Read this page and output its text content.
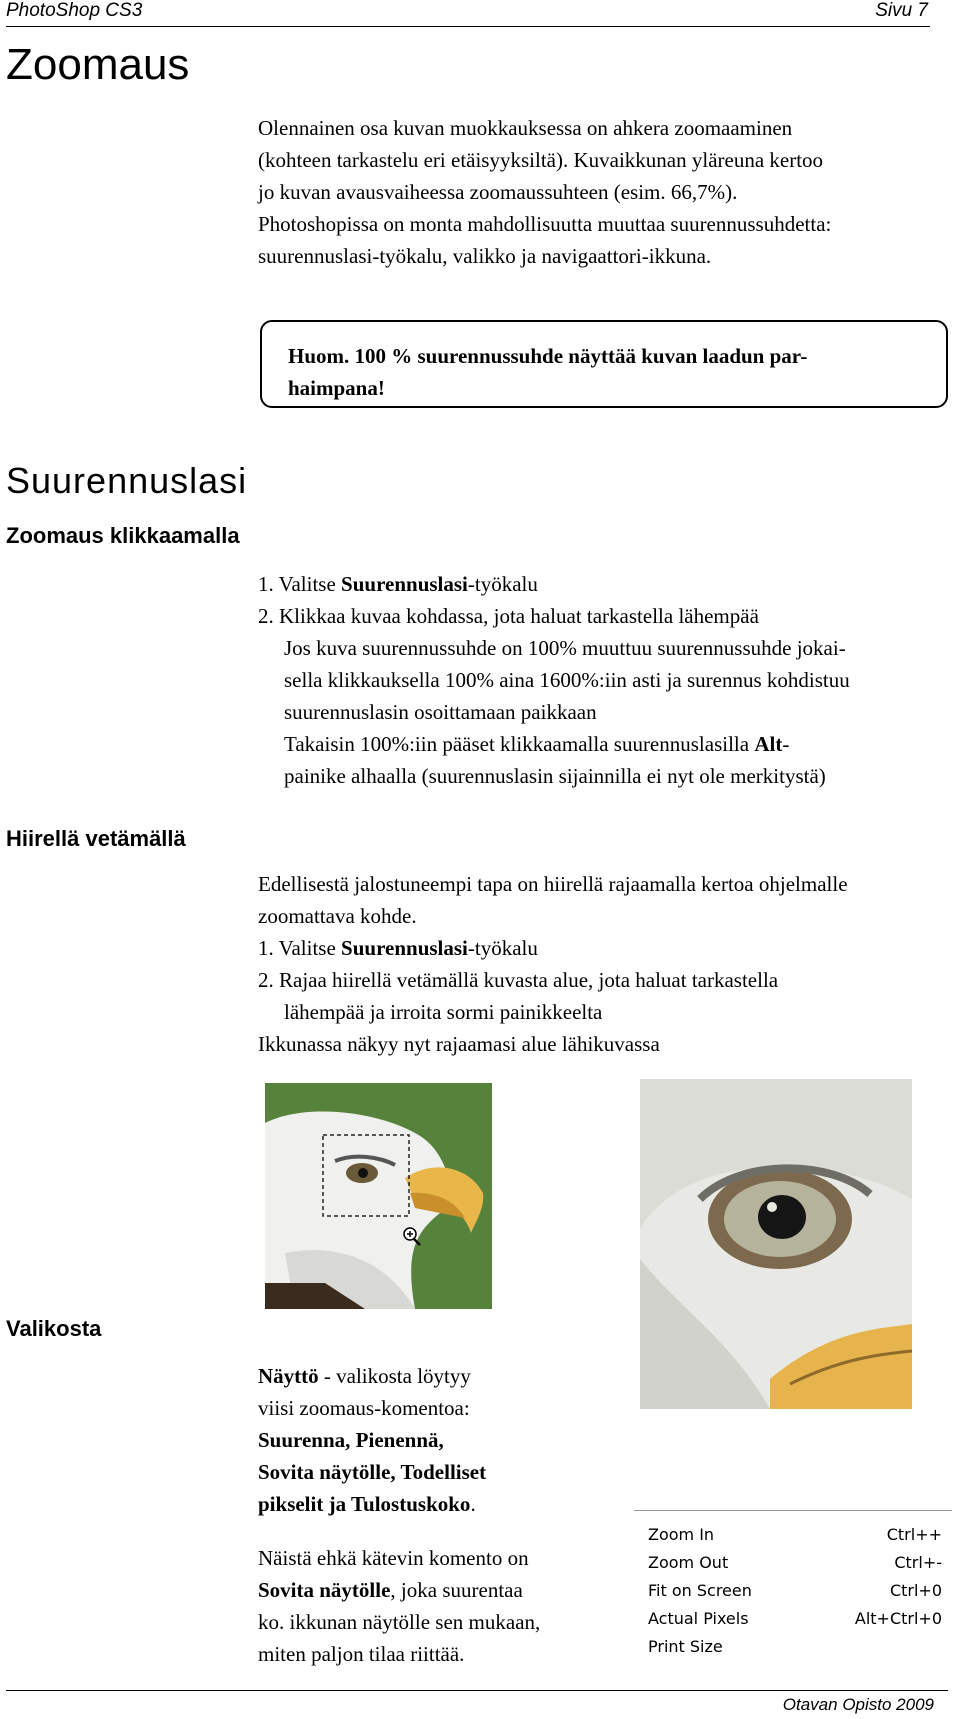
PhotoShop CS3	Sivu 7
Zoomaus
Olennainen osa kuvan muokkauksessa on ahkera zoomaaminen
(kohteen tarkastelu eri etäisyyksiltä). Kuvaikkunan yläreuna kertoo
jo kuvan avausvaiheessa zoomaussuhteen (esim. 66,7%).
Photoshopissa on monta mahdollisuutta muuttaa suurennussuhdetta:
suurennuslasi-työkalu, valikko ja navigaattori-ikkuna.
Huom. 100 % suurennussuhde näyttää kuvan laadun par-
haimpana!
Suurennuslasi
Zoomaus klikkaamalla
1. Valitse Suurennuslasi-työkalu
2. Klikkaa kuvaa kohdassa, jota haluat tarkastella lähempää
Jos kuva suurennussuhde on 100% muuttuu suurennussuhde jokai-
sella klikkauksella 100% aina 1600%:iin asti ja surennus kohdistuu
suurennuslasin osoittamaan paikkaan
Takaisin 100%:iin pääset klikkaamalla suurennuslasilla Alt-
painike alhaalla (suurennuslasin sijainnilla ei nyt ole merkitystä)
Hiirellä vetämällä
Edellisestä jalostuneempi tapa on hiirellä rajaamalla kertoa ohjelmalle
zoomattava kohde.
1. Valitse Suurennuslasi-työkalu
2. Rajaa hiirellä vetämällä kuvasta alue, jota haluat tarkastella
lähempää ja irroita sormi painikkeelta
Ikkunassa näkyy nyt rajaamasi alue lähikuvassa
Valikosta
Näyttö - valikosta löytyy
viisi zoomaus-komentoa:
Suurenna, Pienennä,
Sovita näytölle, Todelliset
pikselit ja Tulostuskoko.
Näistä ehkä kätevin komento on
Sovita näytölle, joka suurentaa
ko. ikkunan näytölle sen mukaan,
miten paljon tilaa riittää.
Zoom In	Ctrl++
Zoom Out	Ctrl+-
Fit on Screen	Ctrl+0
Actual Pixels	Alt+Ctrl+0
Print Size
Otavan Opisto 2009
